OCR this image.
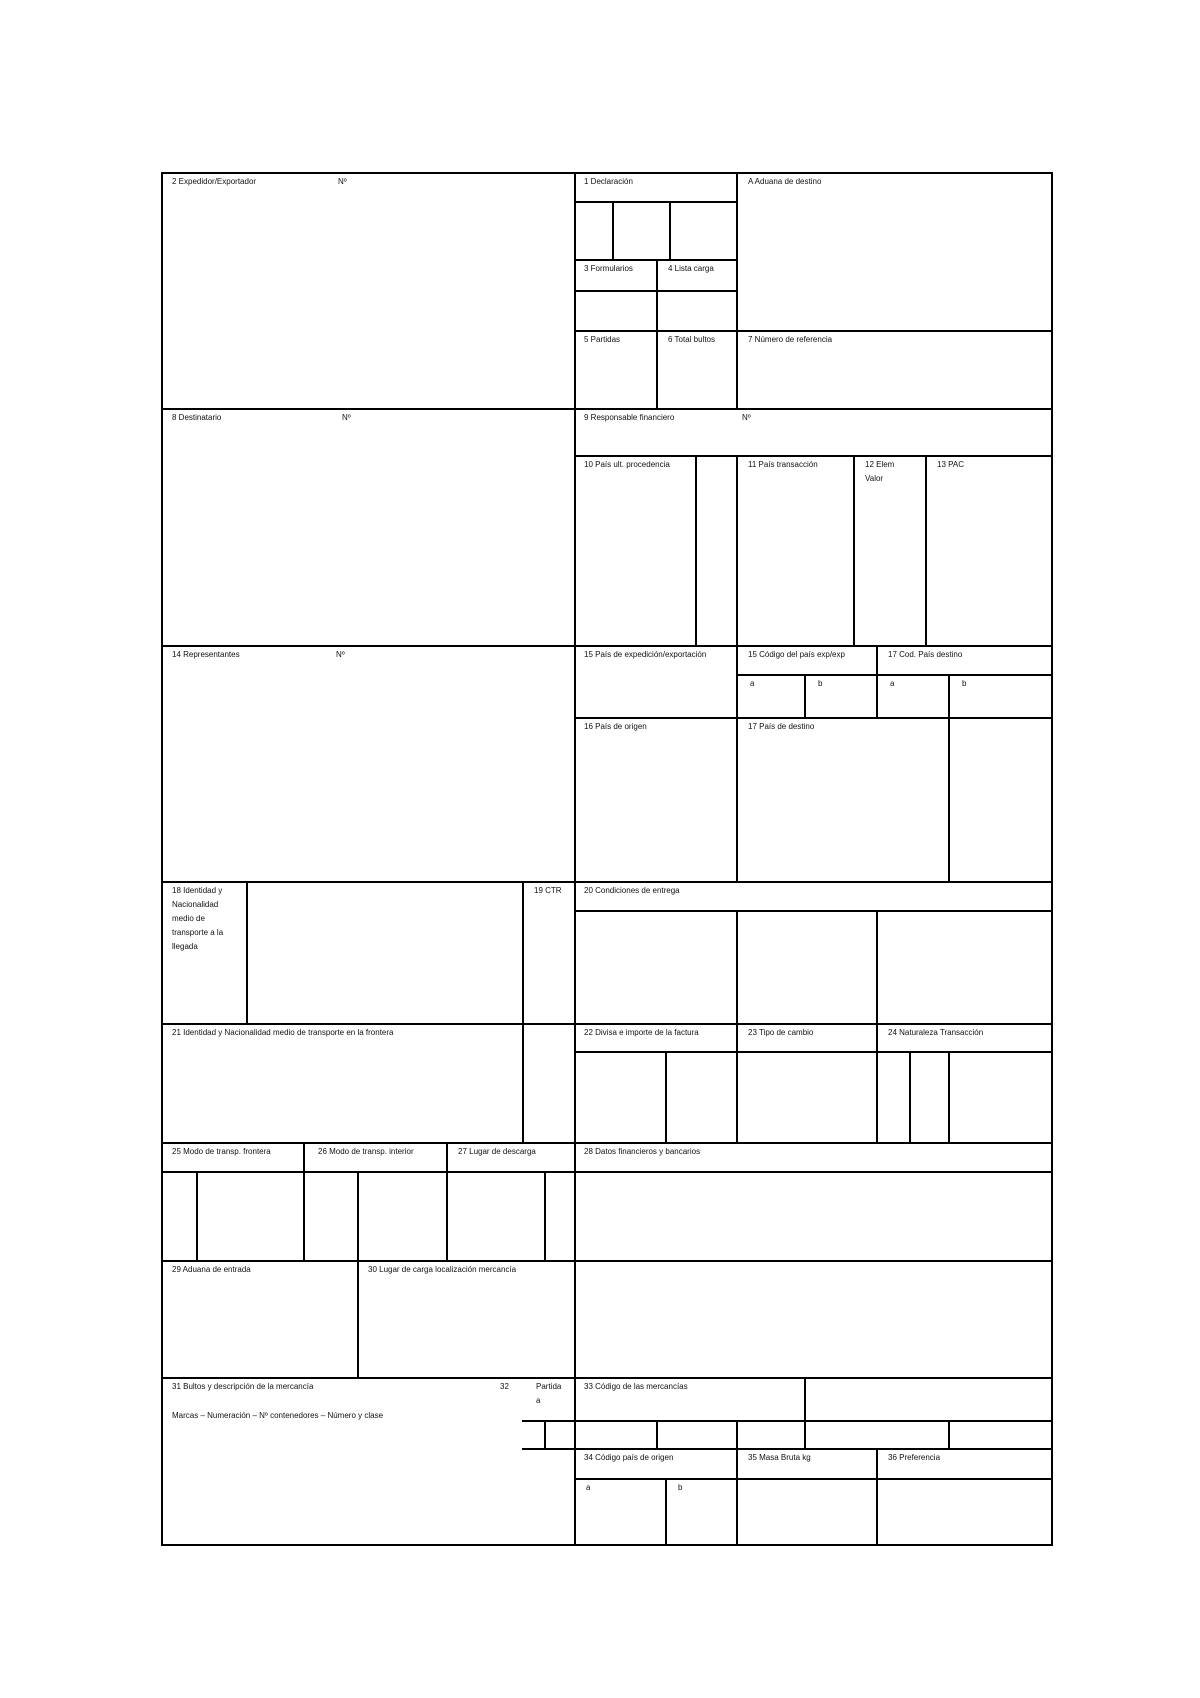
2 Expedidor/Exportador	Nº	1 Declaración	A Aduana de destino
3 Formularios	4 Lista carga
5 Partidas	6 Total bultos	7 Número de referencia
8 Destinatario	Nº	9 Responsable financiero	Nº
10 País ult. procedencia	11 País transacción	12 Elem Valor
13 PAC
14 Representantes	Nº	15 País de expedición/exportación	15 Código del país exp/exp	17 Cod. País destino
a	b	a	b
16 País de origen	17 País de destino
18 Identidad y Nacionalidad medio de transporte a la llegada
19 CTR	20 Condiciones de entrega
21 Identidad y Nacionalidad medio de transporte en la frontera	22 Divisa e importe de la factura	23 Tipo de cambio	24 Naturaleza Transacción
25 Modo de transp. frontera	26 Modo de transp. interior	27 Lugar de descarga	28 Datos financieros y bancarios
29 Aduana de entrada	30 Lugar de carga localización mercancía
31 Bultos y descripción de la mercancía
Marcas – Numeración – Nº contenedores – Número y clase
32	Partida
a
33 Código de las mercancías
34 Código país de origen
a	b
35 Masa Bruta kg	36 Preferencia
